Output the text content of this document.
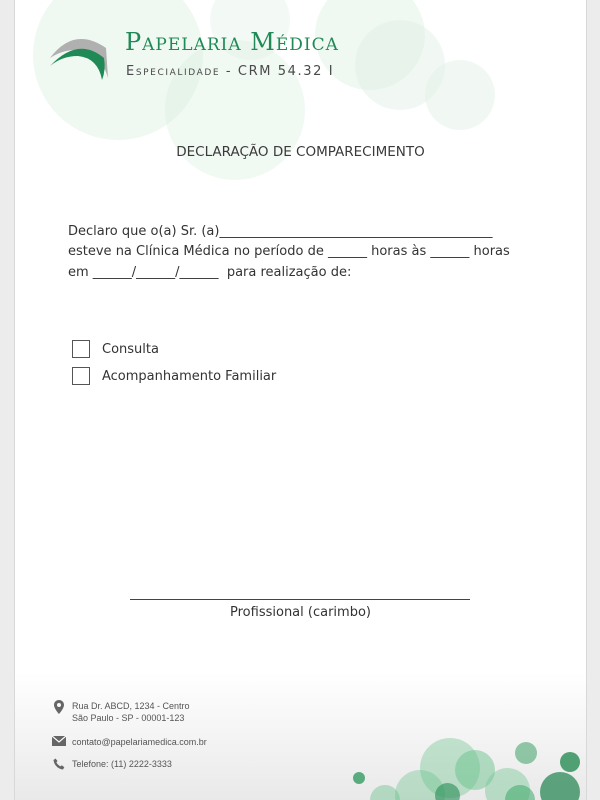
Papelaria Médica
Especialidade - CRM 54.32 I
DECLARAÇÃO DE COMPARECIMENTO
Declaro que o(a) Sr. (a)__________________________________________
esteve na Clínica Médica no período de ______ horas às ______ horas
em ______/______/______  para realização de:
Consulta
Acompanhamento Familiar
Profissional (carimbo)
Rua Dr. ABCD, 1234 - Centro
São Paulo - SP - 00001-123
contato@papelariamedica.com.br
Telefone: (11) 2222-3333
